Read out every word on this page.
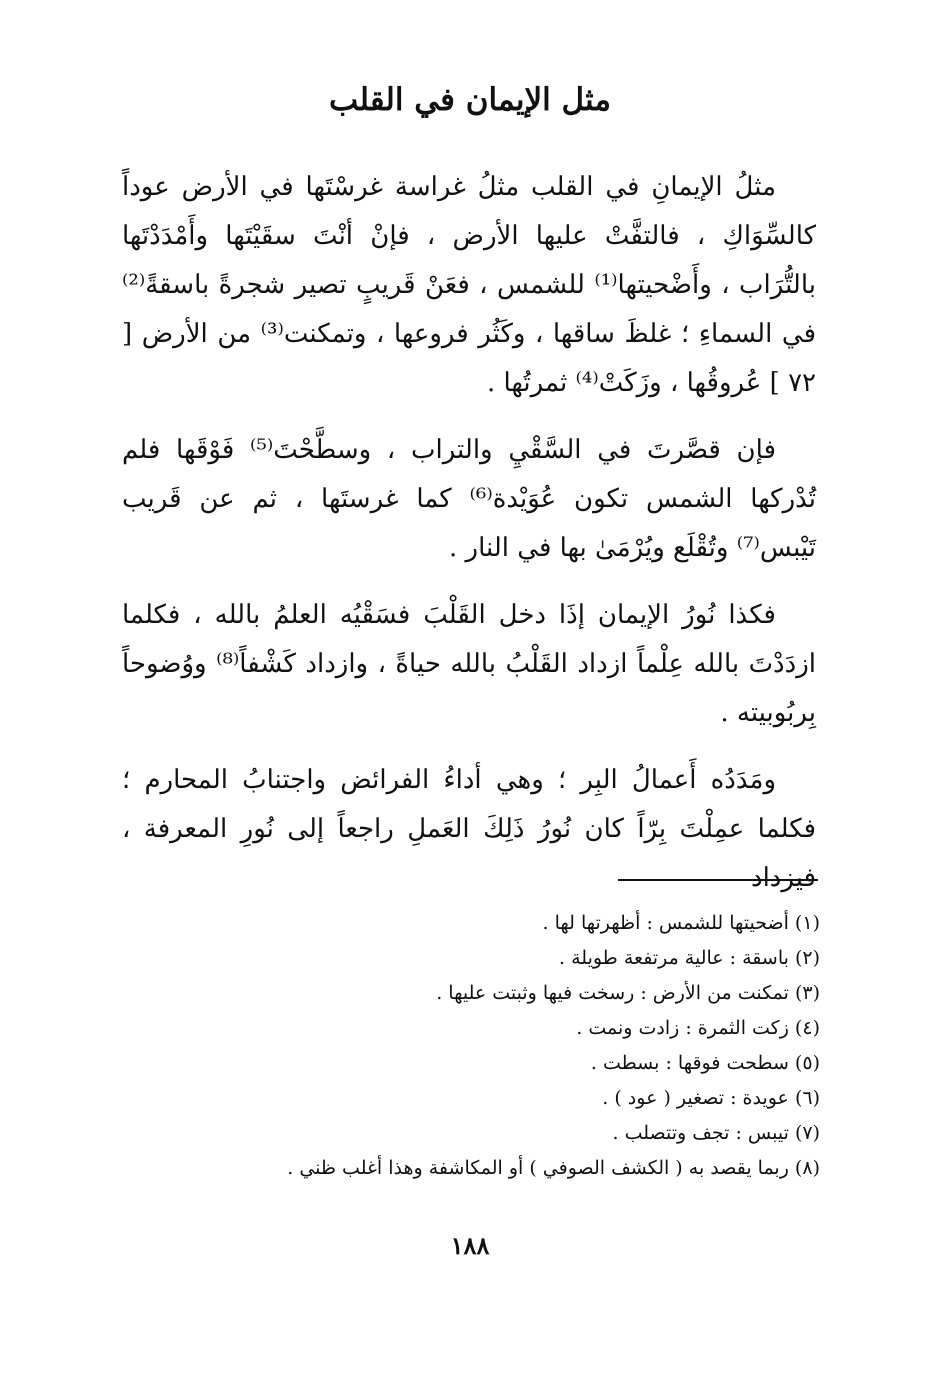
مثل الإيمان في القلب

مثلُ الإيمانِ في القلب مثلُ غراسة غرسْتَها في الأرض عوداً كالسِّوَاكِ ، فالتفَّتْ عليها الأرض ، فإنْ أنْتَ سقَيْتَها وأَمْدَدْتَها بالتُّرَاب ، وأَضْحيتها⁽¹⁾ للشمس ، فعَنْ قَريبٍ تصير شجرةً باسقةً⁽²⁾ في السماءِ ؛ غلظَ ساقها ، وكَثُر فروعها ، وتمكنت⁽³⁾ من الأرض [ ٧٢ ] عُروقُها ، وزَكَتْ⁽⁴⁾ ثمرتُها .

فإن قصَّرتَ في السَّقْيِ والتراب ، وسطَّحْتَ⁽⁵⁾ فَوْقَها فلم تُدْركها الشمس تكون عُوَيْدة⁽⁶⁾ كما غرستَها ، ثم عن قَريب تَيْبس⁽⁷⁾ وتُقْلَع ويُرْمَىٰ بها في النار .

فكذا نُورُ الإيمان إذَا دخل القَلْبَ فسَقْيُه العلمُ بالله ، فكلما ازدَدْتَ بالله عِلْماً ازداد القَلْبُ بالله حياةً ، وازداد كَشْفاً⁽⁸⁾ ووُضوحاً بِربُوبيته .

ومَدَدُه أَعمالُ البِر ؛ وهي أداءُ الفرائض واجتنابُ المحارم ؛ فكلما عمِلْتَ بِرّاً كان نُورُ ذَلِكَ العَملِ راجعاً إلى نُورِ المعرفة ، فيزداد

(١) أضحيتها للشمس : أظهرتها لها .
(٢) باسقة : عالية مرتفعة طويلة .
(٣) تمكنت من الأرض : رسخت فيها وثبتت عليها .
(٤) زكت الثمرة : زادت ونمت .
(٥) سطحت فوقها : بسطت .
(٦) عويدة : تصغير ( عود ) .
(٧) تيبس : تجف وتتصلب .
(٨) ربما يقصد به ( الكشف الصوفي ) أو المكاشفة وهذا أغلب ظني .
١٨٨
